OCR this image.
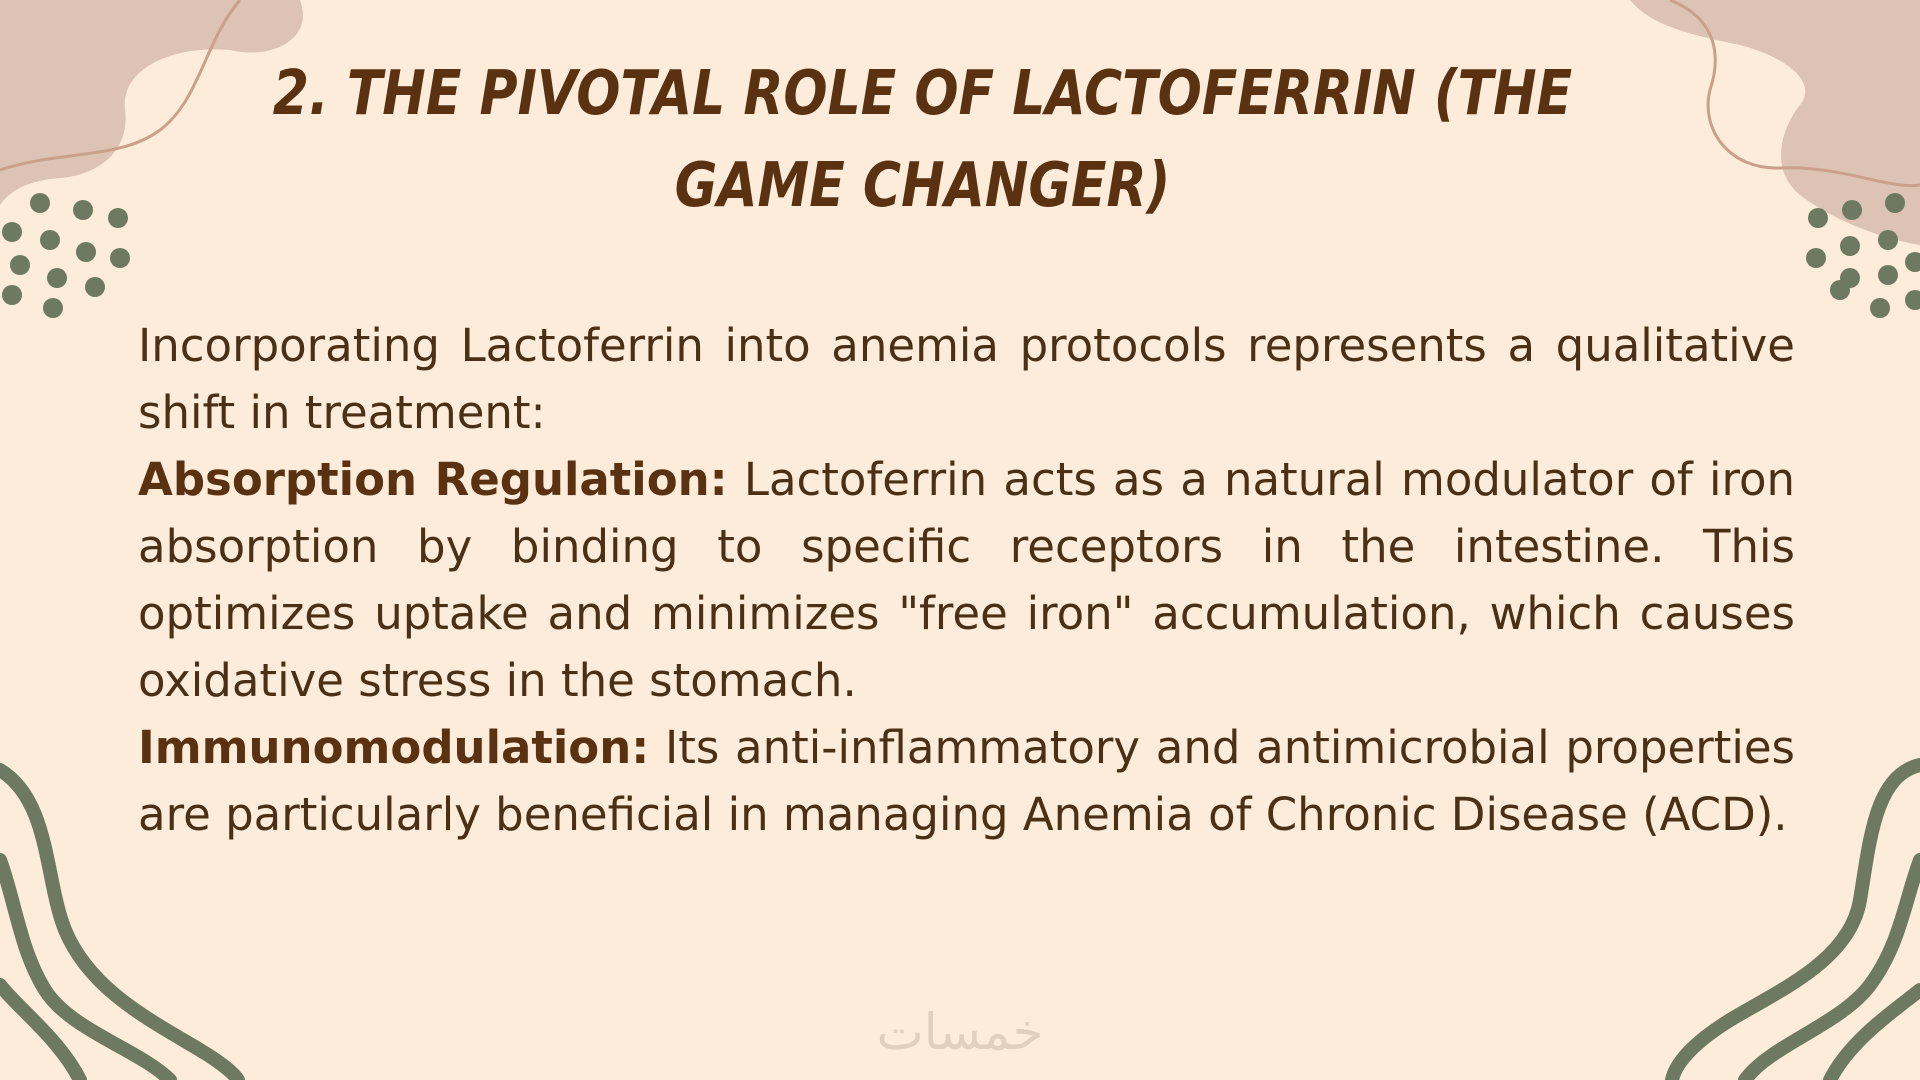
2. THE PIVOTAL ROLE OF LACTOFERRIN (THE GAME CHANGER)

Incorporating Lactoferrin into anemia protocols represents a qualitative shift in treatment:

Absorption Regulation: Lactoferrin acts as a natural modulator of iron absorption by binding to specific receptors in the intestine. This optimizes uptake and minimizes "free iron" accumulation, which causes oxidative stress in the stomach.

Immunomodulation: Its anti-inflammatory and antimicrobial properties are particularly beneficial in managing Anemia of Chronic Disease (ACD).

خمسات
